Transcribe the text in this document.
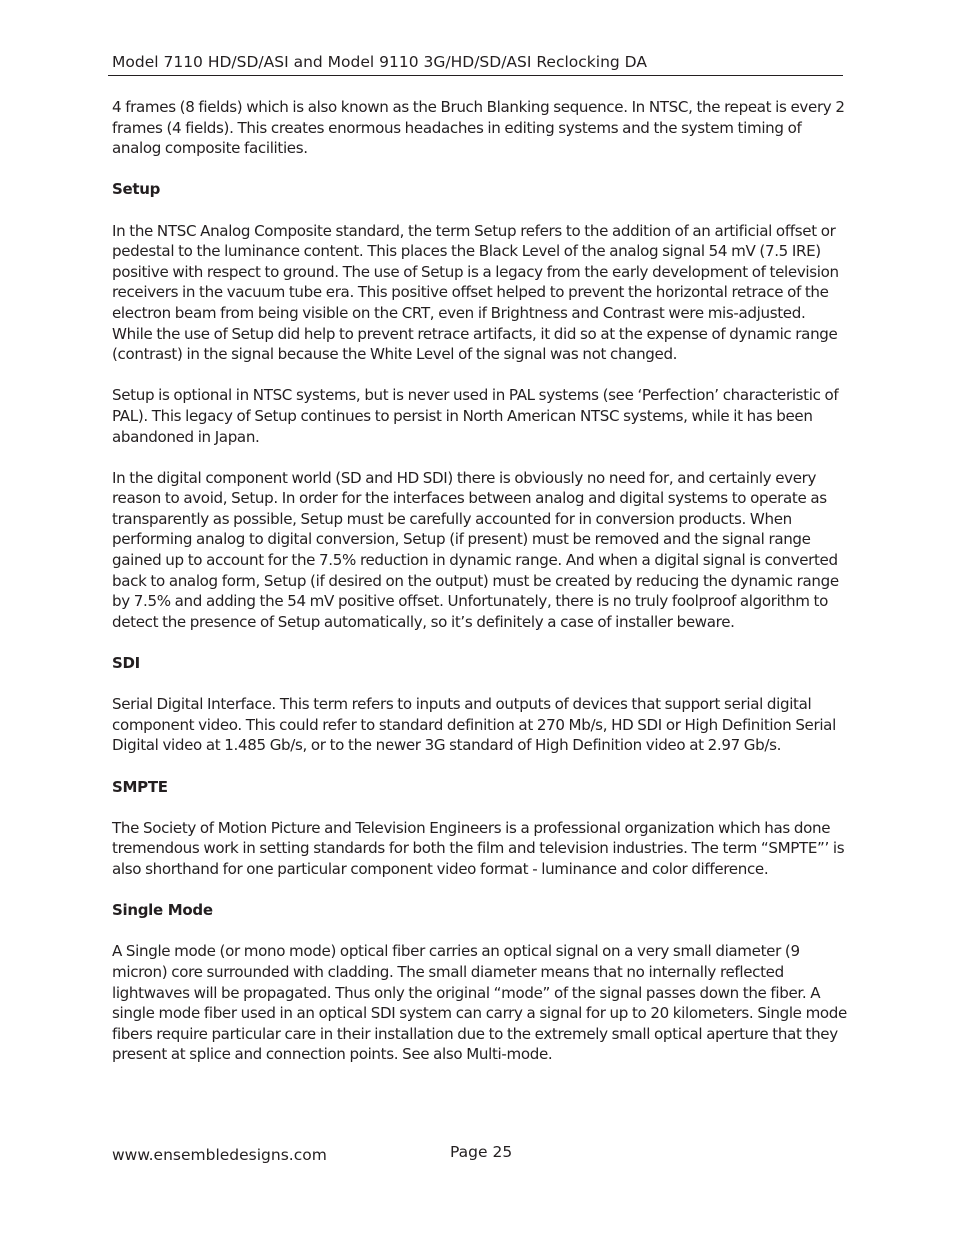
Model 7110 HD/SD/ASI and Model 9110 3G/HD/SD/ASI Reclocking DA

4 frames (8 fields) which is also known as the Bruch Blanking sequence. In NTSC, the repeat is every 2 frames (4 fields). This creates enormous headaches in editing systems and the system timing of analog composite facilities.

Setup

In the NTSC Analog Composite standard, the term Setup refers to the addition of an artificial offset or pedestal to the luminance content. This places the Black Level of the analog signal 54 mV (7.5 IRE) positive with respect to ground. The use of Setup is a legacy from the early development of television receivers in the vacuum tube era. This positive offset helped to prevent the horizontal retrace of the electron beam from being visible on the CRT, even if Brightness and Contrast were mis-adjusted. While the use of Setup did help to prevent retrace artifacts, it did so at the expense of dynamic range (contrast) in the signal because the White Level of the signal was not changed.

Setup is optional in NTSC systems, but is never used in PAL systems (see ‘Perfection’ characteristic of PAL). This legacy of Setup continues to persist in North American NTSC systems, while it has been abandoned in Japan.

In the digital component world (SD and HD SDI) there is obviously no need for, and certainly every reason to avoid, Setup. In order for the interfaces between analog and digital systems to operate as transparently as possible, Setup must be carefully accounted for in conversion products. When performing analog to digital conversion, Setup (if present) must be removed and the signal range gained up to account for the 7.5% reduction in dynamic range. And when a digital signal is converted back to analog form, Setup (if desired on the output) must be created by reducing the dynamic range by 7.5% and adding the 54 mV positive offset. Unfortunately, there is no truly foolproof algorithm to detect the presence of Setup automatically, so it’s definitely a case of installer beware.

SDI

Serial Digital Interface. This term refers to inputs and outputs of devices that support serial digital component video. This could refer to standard definition at 270 Mb/s, HD SDI or High Definition Serial Digital video at 1.485 Gb/s, or to the newer 3G standard of High Definition video at 2.97 Gb/s.

SMPTE

The Society of Motion Picture and Television Engineers is a professional organization which has done tremendous work in setting standards for both the film and television industries. The term “SMPTE”’ is also shorthand for one particular component video format - luminance and color difference.

Single Mode

A Single mode (or mono mode) optical fiber carries an optical signal on a very small diameter (9 micron) core surrounded with cladding. The small diameter means that no internally reflected lightwaves will be propagated. Thus only the original “mode” of the signal passes down the fiber. A single mode fiber used in an optical SDI system can carry a signal for up to 20 kilometers. Single mode fibers require particular care in their installation due to the extremely small optical aperture that they present at splice and connection points. See also Multi-mode.

www.ensembledesigns.com	Page 25
